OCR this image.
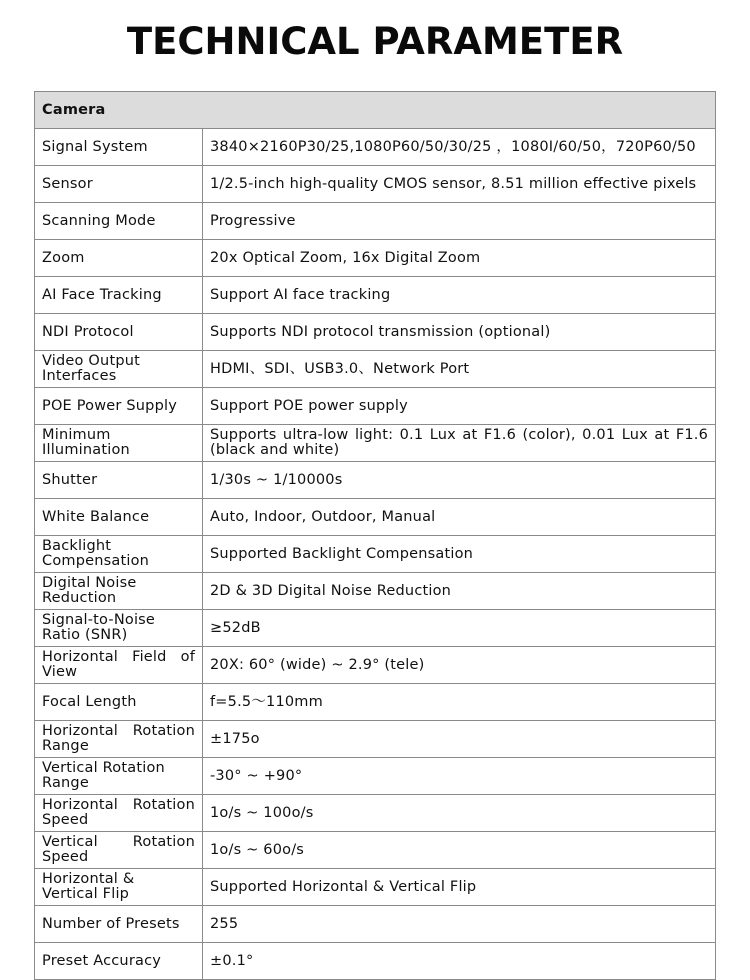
TECHNICAL PARAMETER
Camera	
Signal System	3840×2160P30/25,1080P60/50/30/25 ，1080I/60/50，720P60/50
Sensor	1/2.5-inch high-quality CMOS sensor, 8.51 million effective pixels
Scanning Mode	Progressive
Zoom	20x Optical Zoom, 16x Digital Zoom
AI Face Tracking	Support AI face tracking
NDI Protocol	Supports NDI protocol transmission (optional)
Video Output Interfaces	HDMI、SDI、USB3.0、Network Port
POE Power Supply	Support POE power supply
Minimum Illumination	Supports ultra-low light: 0.1 Lux at F1.6 (color), 0.01 Lux at F1.6 (black and white)
Shutter	1/30s ~ 1/10000s
White Balance	Auto, Indoor, Outdoor, Manual
Backlight Compensation	Supported Backlight Compensation
Digital Noise Reduction	2D & 3D Digital Noise Reduction
Signal-to-Noise Ratio (SNR)	≥52dB
Horizontal Field of View	20X: 60° (wide) ~ 2.9° (tele)
Focal Length	f=5.5～110mm
Horizontal Rotation Range	±175o
Vertical Rotation Range	-30° ~ +90°
Horizontal Rotation Speed	1o/s ~ 100o/s
Vertical Rotation Speed	1o/s ~ 60o/s
Horizontal & Vertical Flip	Supported Horizontal & Vertical Flip
Number of Presets	255
Preset Accuracy	±0.1°
